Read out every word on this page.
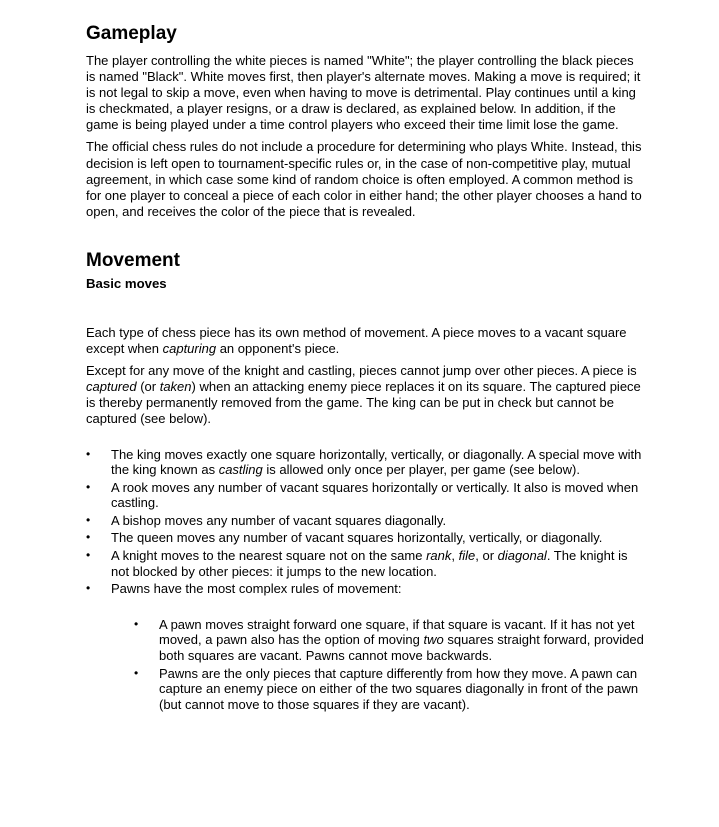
Gameplay

The player controlling the white pieces is named "White"; the player controlling the black pieces is named "Black". White moves first, then player's alternate moves. Making a move is required; it is not legal to skip a move, even when having to move is detrimental. Play continues until a king is checkmated, a player resigns, or a draw is declared, as explained below. In addition, if the game is being played under a time control players who exceed their time limit lose the game.

The official chess rules do not include a procedure for determining who plays White. Instead, this decision is left open to tournament-specific rules or, in the case of non-competitive play, mutual agreement, in which case some kind of random choice is often employed. A common method is for one player to conceal a piece of each color in either hand; the other player chooses a hand to open, and receives the color of the piece that is revealed.

Movement
Basic moves

Each type of chess piece has its own method of movement. A piece moves to a vacant square except when capturing an opponent's piece.

Except for any move of the knight and castling, pieces cannot jump over other pieces. A piece is captured (or taken) when an attacking enemy piece replaces it on its square. The captured piece is thereby permanently removed from the game. The king can be put in check but cannot be captured (see below).

• The king moves exactly one square horizontally, vertically, or diagonally. A special move with the king known as castling is allowed only once per player, per game (see below).
• A rook moves any number of vacant squares horizontally or vertically. It also is moved when castling.
• A bishop moves any number of vacant squares diagonally.
• The queen moves any number of vacant squares horizontally, vertically, or diagonally.
• A knight moves to the nearest square not on the same rank, file, or diagonal. The knight is not blocked by other pieces: it jumps to the new location.
• Pawns have the most complex rules of movement:
• A pawn moves straight forward one square, if that square is vacant. If it has not yet moved, a pawn also has the option of moving two squares straight forward, provided both squares are vacant. Pawns cannot move backwards.
• Pawns are the only pieces that capture differently from how they move. A pawn can capture an enemy piece on either of the two squares diagonally in front of the pawn (but cannot move to those squares if they are vacant).
